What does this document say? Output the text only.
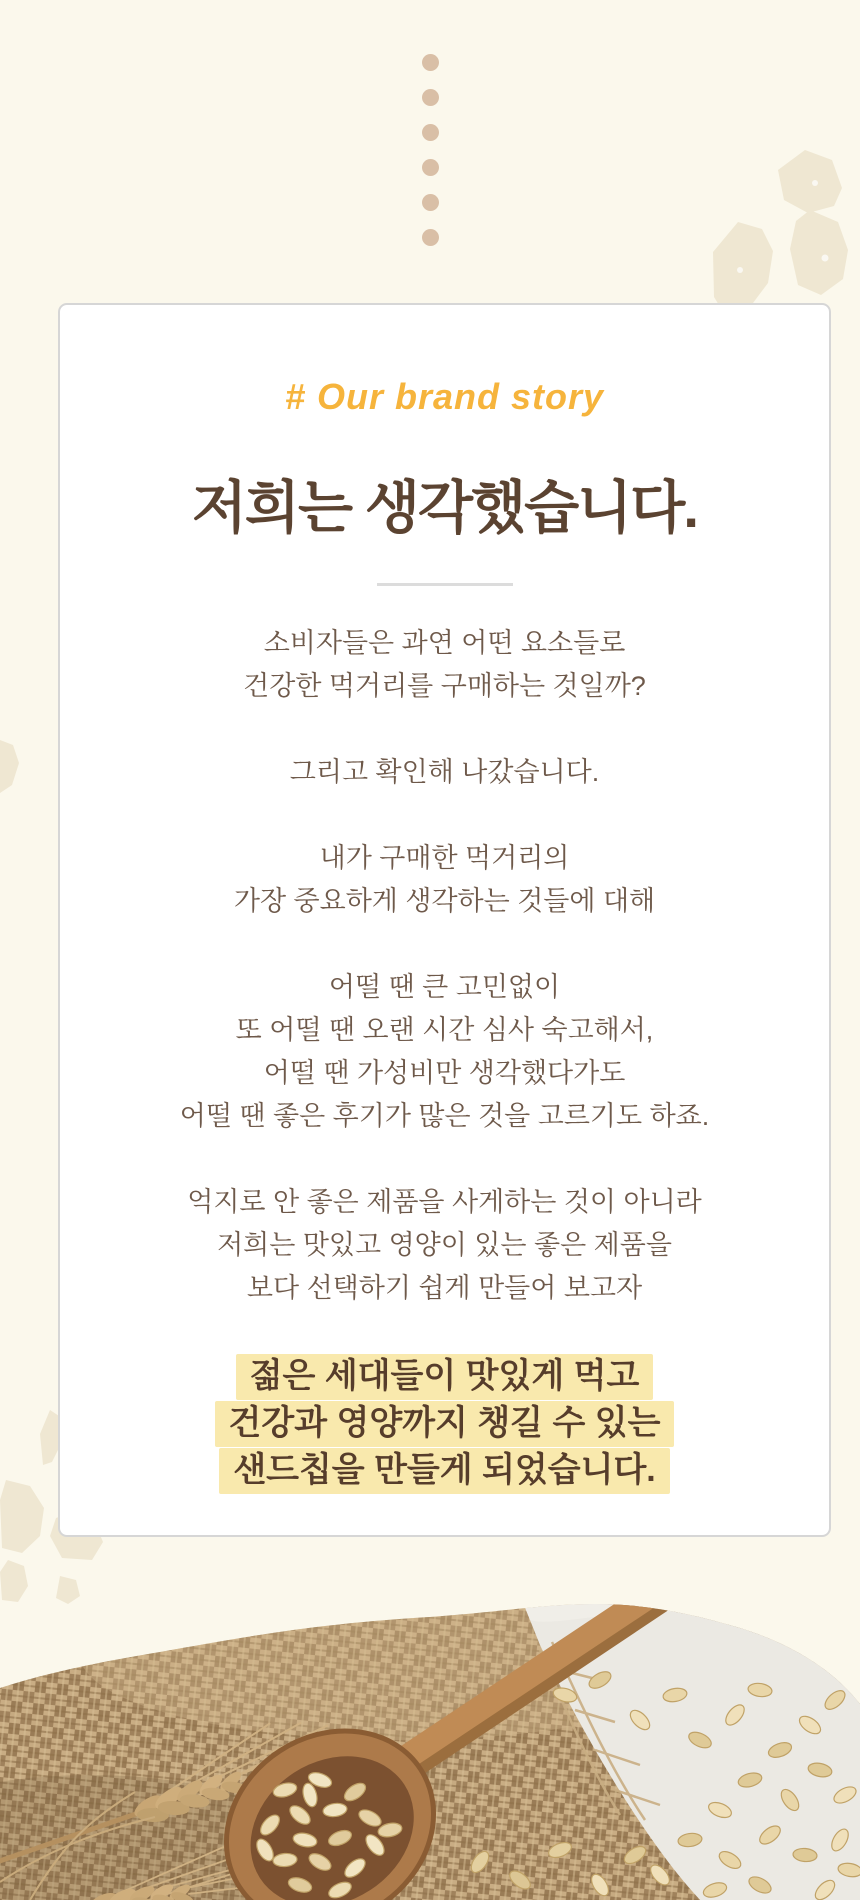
# Our brand story
저희는 생각했습니다.

소비자들은 과연 어떤 요소들로
건강한 먹거리를 구매하는 것일까?

그리고 확인해 나갔습니다.

내가 구매한 먹거리의
가장 중요하게 생각하는 것들에 대해

어떨 땐 큰 고민없이
또 어떨 땐 오랜 시간 심사 숙고해서,
어떨 땐 가성비만 생각했다가도
어떨 땐 좋은 후기가 많은 것을 고르기도 하죠.

억지로 안 좋은 제품을 사게하는 것이 아니라
저희는 맛있고 영양이 있는 좋은 제품을
보다 선택하기 쉽게 만들어 보고자

젊은 세대들이 맛있게 먹고
건강과 영양까지 챙길 수 있는
샌드칩을 만들게 되었습니다.
